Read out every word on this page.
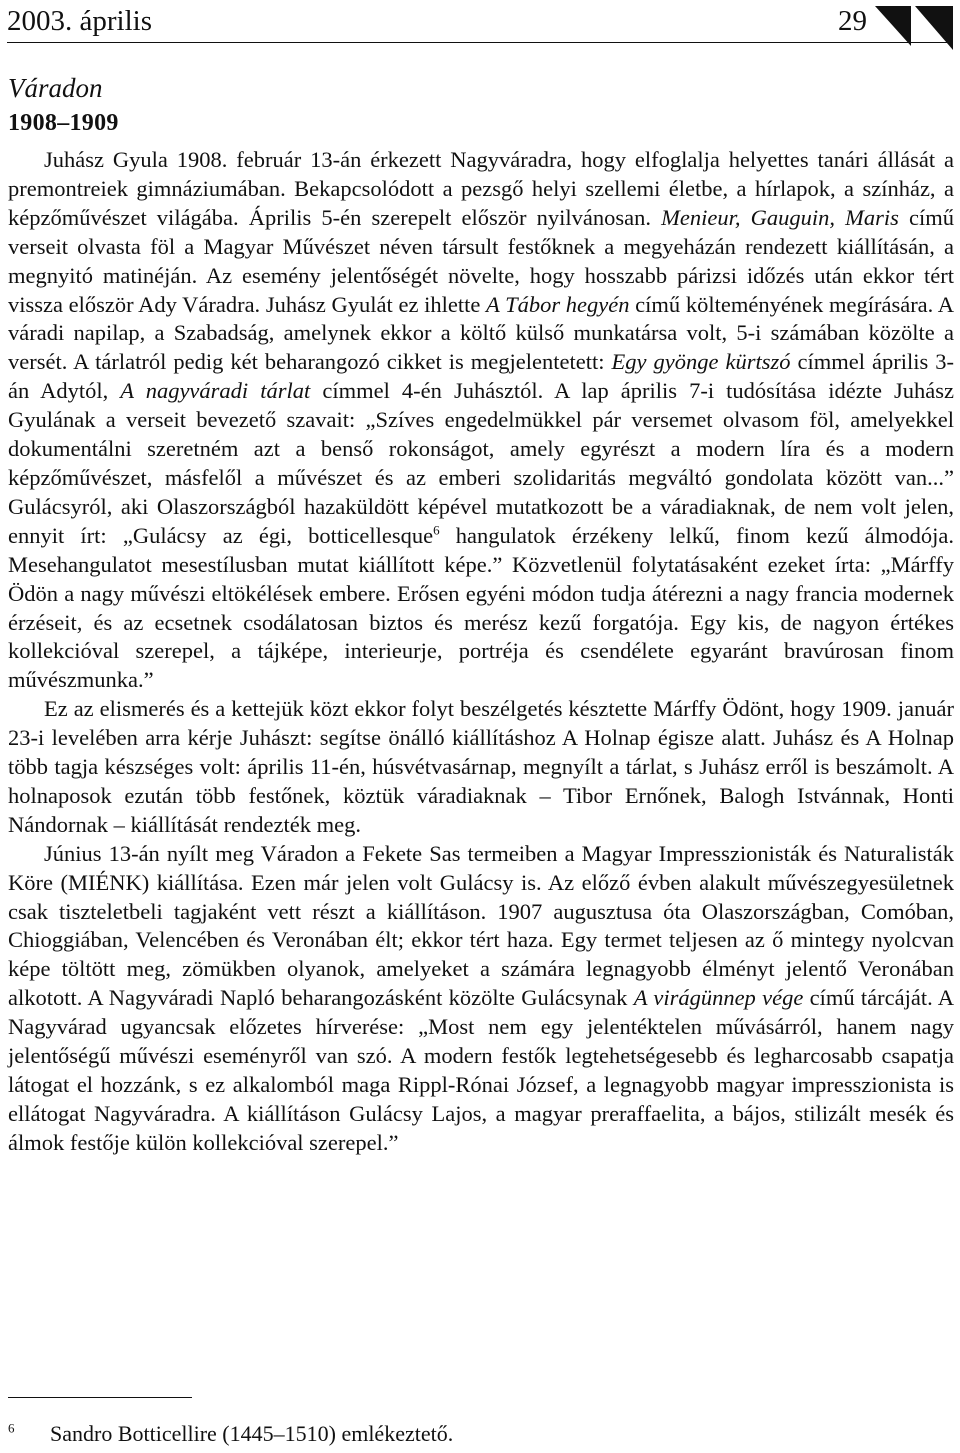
2003. április	29
Váradon
1908–1909

Juhász Gyula 1908. február 13-án érkezett Nagyváradra, hogy elfoglalja helyettes tanári állását a premontreiek gimnáziumában. Bekapcsolódott a pezsgő helyi szellemi életbe, a hírlapok, a színház, a képzőművészet világába. Április 5-én szerepelt először nyilvánosan. Menieur, Gauguin, Maris című verseit olvasta föl a Magyar Művészet néven társult festőknek a megyeházán rendezett kiállításán, a megnyitó matinéján. Az esemény jelentőségét növelte, hogy hosszabb párizsi időzés után ekkor tért vissza először Ady Váradra. Juhász Gyulát ez ihlette A Tábor hegyén című költeményének megírására. A váradi napilap, a Szabadság, amelynek ekkor a költő külső munkatársa volt, 5-i számában közölte a versét. A tárlatról pedig két beharangozó cikket is megjelentetett: Egy gyönge kürtszó címmel április 3-án Adytól, A nagyváradi tárlat címmel 4-én Juhásztól. A lap április 7-i tudósítása idézte Juhász Gyulának a verseit bevezető szavait: „Szíves engedelmükkel pár versemet olvasom föl, amelyekkel dokumentálni szeretném azt a benső rokonságot, amely egyrészt a modern líra és a modern képzőművészet, másfelől a művészet és az emberi szolidaritás megváltó gondolata között van...” Gulácsyról, aki Olaszországból hazaküldött képével mutatkozott be a váradiaknak, de nem volt jelen, ennyit írt: „Gulácsy az égi, botticellesque$^6$ hangulatok érzékeny lelkű, finom kezű álmodója. Mesehangulatot mesestílusban mutat kiállított képe.” Közvetlenül folytatásaként ezeket írta: „Márffy Ödön a nagy művészi eltökélések embere. Erősen egyéni módon tudja átérezni a nagy francia modernek érzéseit, és az ecsetnek csodálatosan biztos és merész kezű forgatója. Egy kis, de nagyon értékes kollekcióval szerepel, a tájképe, interieurje, portréja és csendélete egyaránt bravúrosan finom művészmunka.”

Ez az elismerés és a kettejük közt ekkor folyt beszélgetés késztette Márffy Ödönt, hogy 1909. január 23-i levelében arra kérje Juhászt: segítse önálló kiállításhoz A Holnap égisze alatt. Juhász és A Holnap több tagja készséges volt: április 11-én, húsvétvasárnap, megnyílt a tárlat, s Juhász erről is beszámolt. A holnaposok ezután több festőnek, köztük váradiaknak – Tibor Ernőnek, Balogh Istvánnak, Honti Nándornak – kiállítását rendezték meg.

Június 13-án nyílt meg Váradon a Fekete Sas termeiben a Magyar Impresszionisták és Naturalisták Köre (MIÉNK) kiállítása. Ezen már jelen volt Gulácsy is. Az előző évben alakult művészegyesületnek csak tiszteletbeli tagjaként vett részt a kiállításon. 1907 augusztusa óta Olaszországban, Comóban, Chioggiában, Velencében és Veronában élt; ekkor tért haza. Egy termet teljesen az ő mintegy nyolcvan képe töltött meg, zömükben olyanok, amelyeket a számára legnagyobb élményt jelentő Veronában alkotott. A Nagyváradi Napló beharangozásként közölte Gulácsynak A virágünnep vége című tárcáját. A Nagyvárad ugyancsak előzetes hírverése: „Most nem egy jelentéktelen művásárról, hanem nagy jelentőségű művészi eseményről van szó. A modern festők legtehetségesebb és legharcosabb csapatja látogat el hozzánk, s ez alkalomból maga Rippl-Rónai József, a legnagyobb magyar impresszionista is ellátogat Nagyváradra. A kiállításon Gulácsy Lajos, a magyar preraffaelita, a bájos, stilizált mesék és álmok festője külön kollekcióval szerepel.”

$^6$ Sandro Botticellire (1445–1510) emlékeztető.
